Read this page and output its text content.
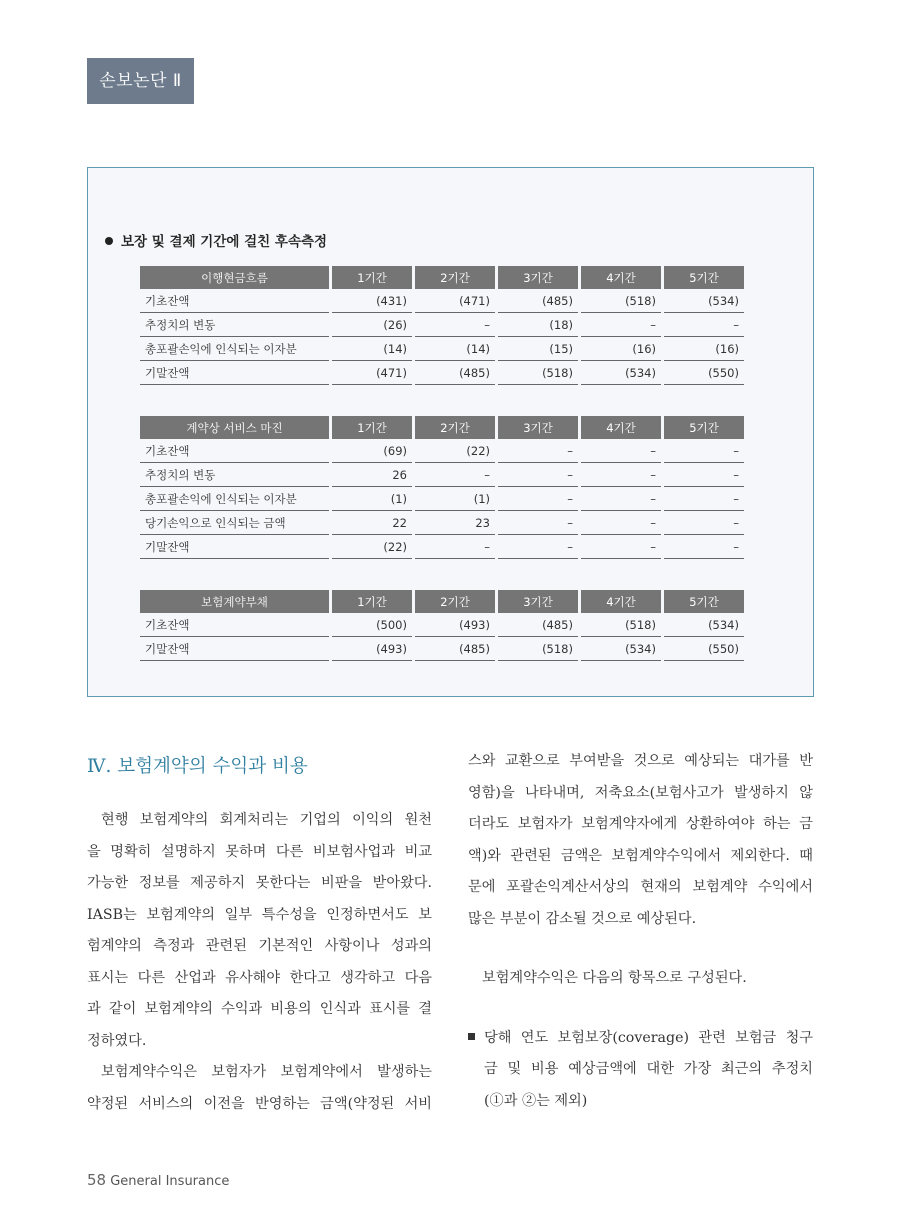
손보논단 Ⅱ
보장 및 결제 기간에 걸친 후속측정
이행현금흐름	1기간	2기간	3기간	4기간	5기간
기초잔액	(431)	(471)	(485)	(518)	(534)
추정치의 변동	(26)	–	(18)	–	–
총포괄손익에 인식되는 이자분	(14)	(14)	(15)	(16)	(16)
기말잔액	(471)	(485)	(518)	(534)	(550)
계약상 서비스 마진	1기간	2기간	3기간	4기간	5기간
기초잔액	(69)	(22)	–	–	–
추정치의 변동	26	–	–	–	–
총포괄손익에 인식되는 이자분	(1)	(1)	–	–	–
당기손익으로 인식되는 금액	22	23	–	–	–
기말잔액	(22)	–	–	–	–
보험계약부채	1기간	2기간	3기간	4기간	5기간
기초잔액	(500)	(493)	(485)	(518)	(534)
기말잔액	(493)	(485)	(518)	(534)	(550)
Ⅳ. 보험계약의 수익과 비용
현행 보험계약의 회계처리는 기업의 이익의 원천
을 명확히 설명하지 못하며 다른 비보험사업과 비교
가능한 정보를 제공하지 못한다는 비판을 받아왔다.
IASB는 보험계약의 일부 특수성을 인정하면서도 보
험계약의 측정과 관련된 기본적인 사항이나 성과의
표시는 다른 산업과 유사해야 한다고 생각하고 다음
과 같이 보험계약의 수익과 비용의 인식과 표시를 결
정하였다.
보험계약수익은 보험자가 보험계약에서 발생하는
약정된 서비스의 이전을 반영하는 금액(약정된 서비
스와 교환으로 부여받을 것으로 예상되는 대가를 반
영함)을 나타내며, 저축요소(보험사고가 발생하지 않
더라도 보험자가 보험계약자에게 상환하여야 하는 금
액)와 관련된 금액은 보험계약수익에서 제외한다. 때
문에 포괄손익계산서상의 현재의 보험계약 수익에서
많은 부분이 감소될 것으로 예상된다.
보험계약수익은 다음의 항목으로 구성된다.
당해 연도 보험보장(coverage) 관련 보험금 청구
금 및 비용 예상금액에 대한 가장 최근의 추정치
(①과 ②는 제외)
58 General Insurance
